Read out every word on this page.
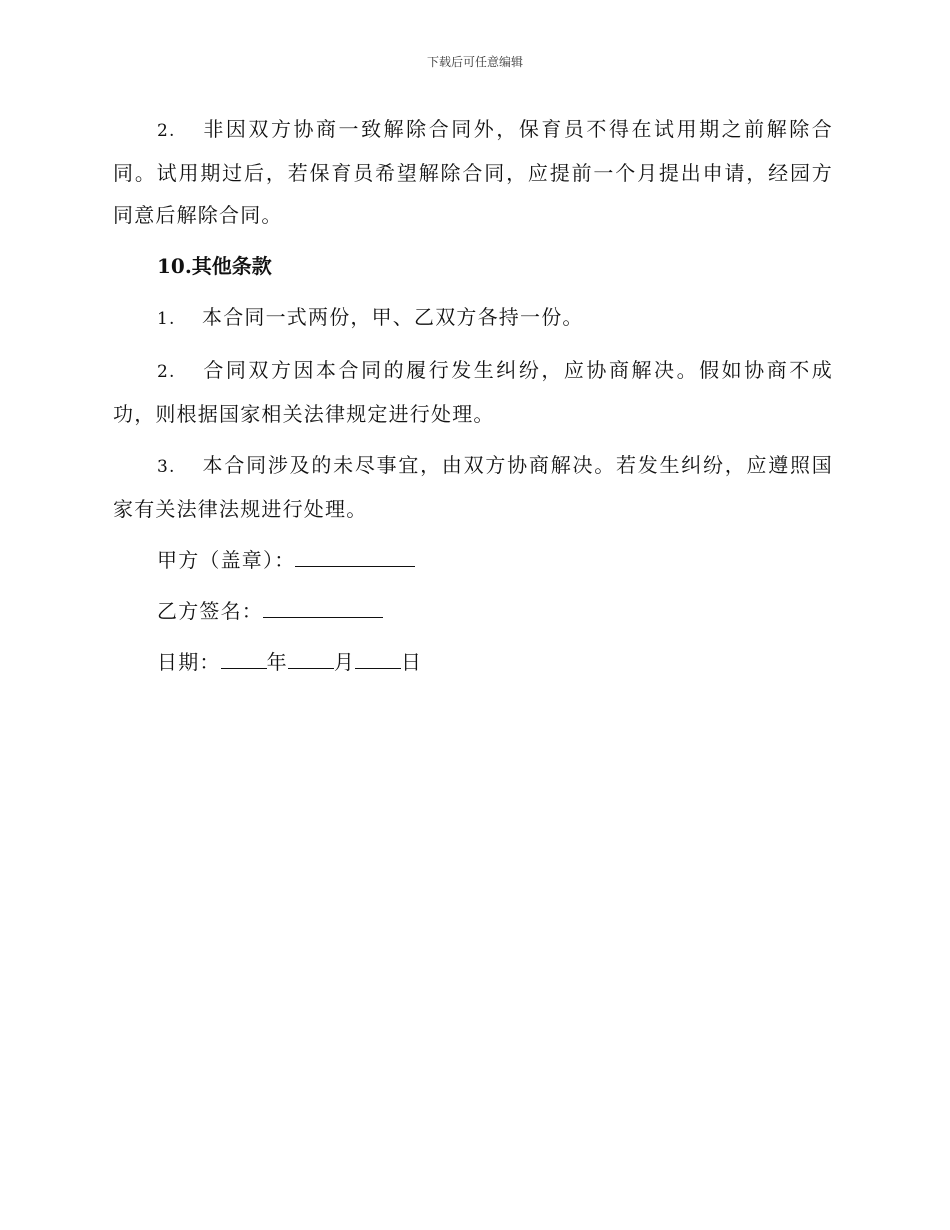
下载后可任意编辑

2. 非因双方协商一致解除合同外，保育员不得在试用期之前解除合同。试用期过后，若保育员希望解除合同，应提前一个月提出申请，经园方同意后解除合同。

10.其他条款

1. 本合同一式两份，甲、乙双方各持一份。

2. 合同双方因本合同的履行发生纠纷，应协商解决。假如协商不成功，则根据国家相关法律规定进行处理。

3. 本合同涉及的未尽事宜，由双方协商解决。若发生纠纷，应遵照国家有关法律法规进行处理。

甲方（盖章）：
乙方签名：
日期： 年 月 日
